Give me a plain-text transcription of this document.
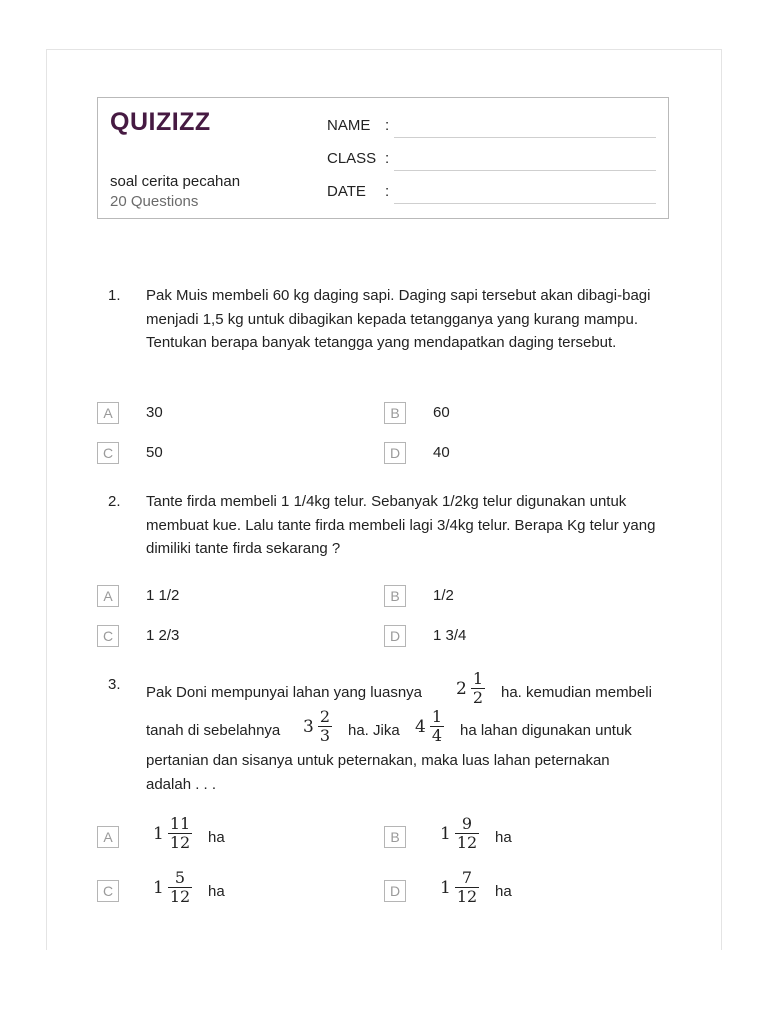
QUIZIZZ
soal cerita pecahan
20 Questions
NAME :
CLASS :
DATE :
1. Pak Muis membeli 60 kg daging sapi. Daging sapi tersebut akan dibagi-bagi menjadi 1,5 kg untuk dibagikan kepada tetangganya yang kurang mampu. Tentukan berapa banyak tetangga yang mendapatkan daging tersebut.
A	30	B	60
C	50	D	40
2. Tante firda membeli 1 1/4kg telur. Sebanyak 1/2kg telur digunakan untuk membuat kue. Lalu tante firda membeli lagi 3/4kg telur. Berapa Kg telur yang dimiliki tante firda sekarang ?
A	1 1/2	B	1/2
C	1 2/3	D	1 3/4
3. Pak Doni mempunyai lahan yang luasnya $2 \frac{1}{2}$ ha. kemudian membeli
tanah di sebelahnya $3 \frac{2}{3}$ ha. Jika $4 \frac{1}{4}$ ha lahan digunakan untuk
pertanian dan sisanya untuk peternakan, maka luas lahan peternakan
adalah . . .
A	$1 \frac{11}{12}$ ha	B	$1 \frac{9}{12}$ ha
C	$1 \frac{5}{12}$ ha	D	$1 \frac{7}{12}$ ha
